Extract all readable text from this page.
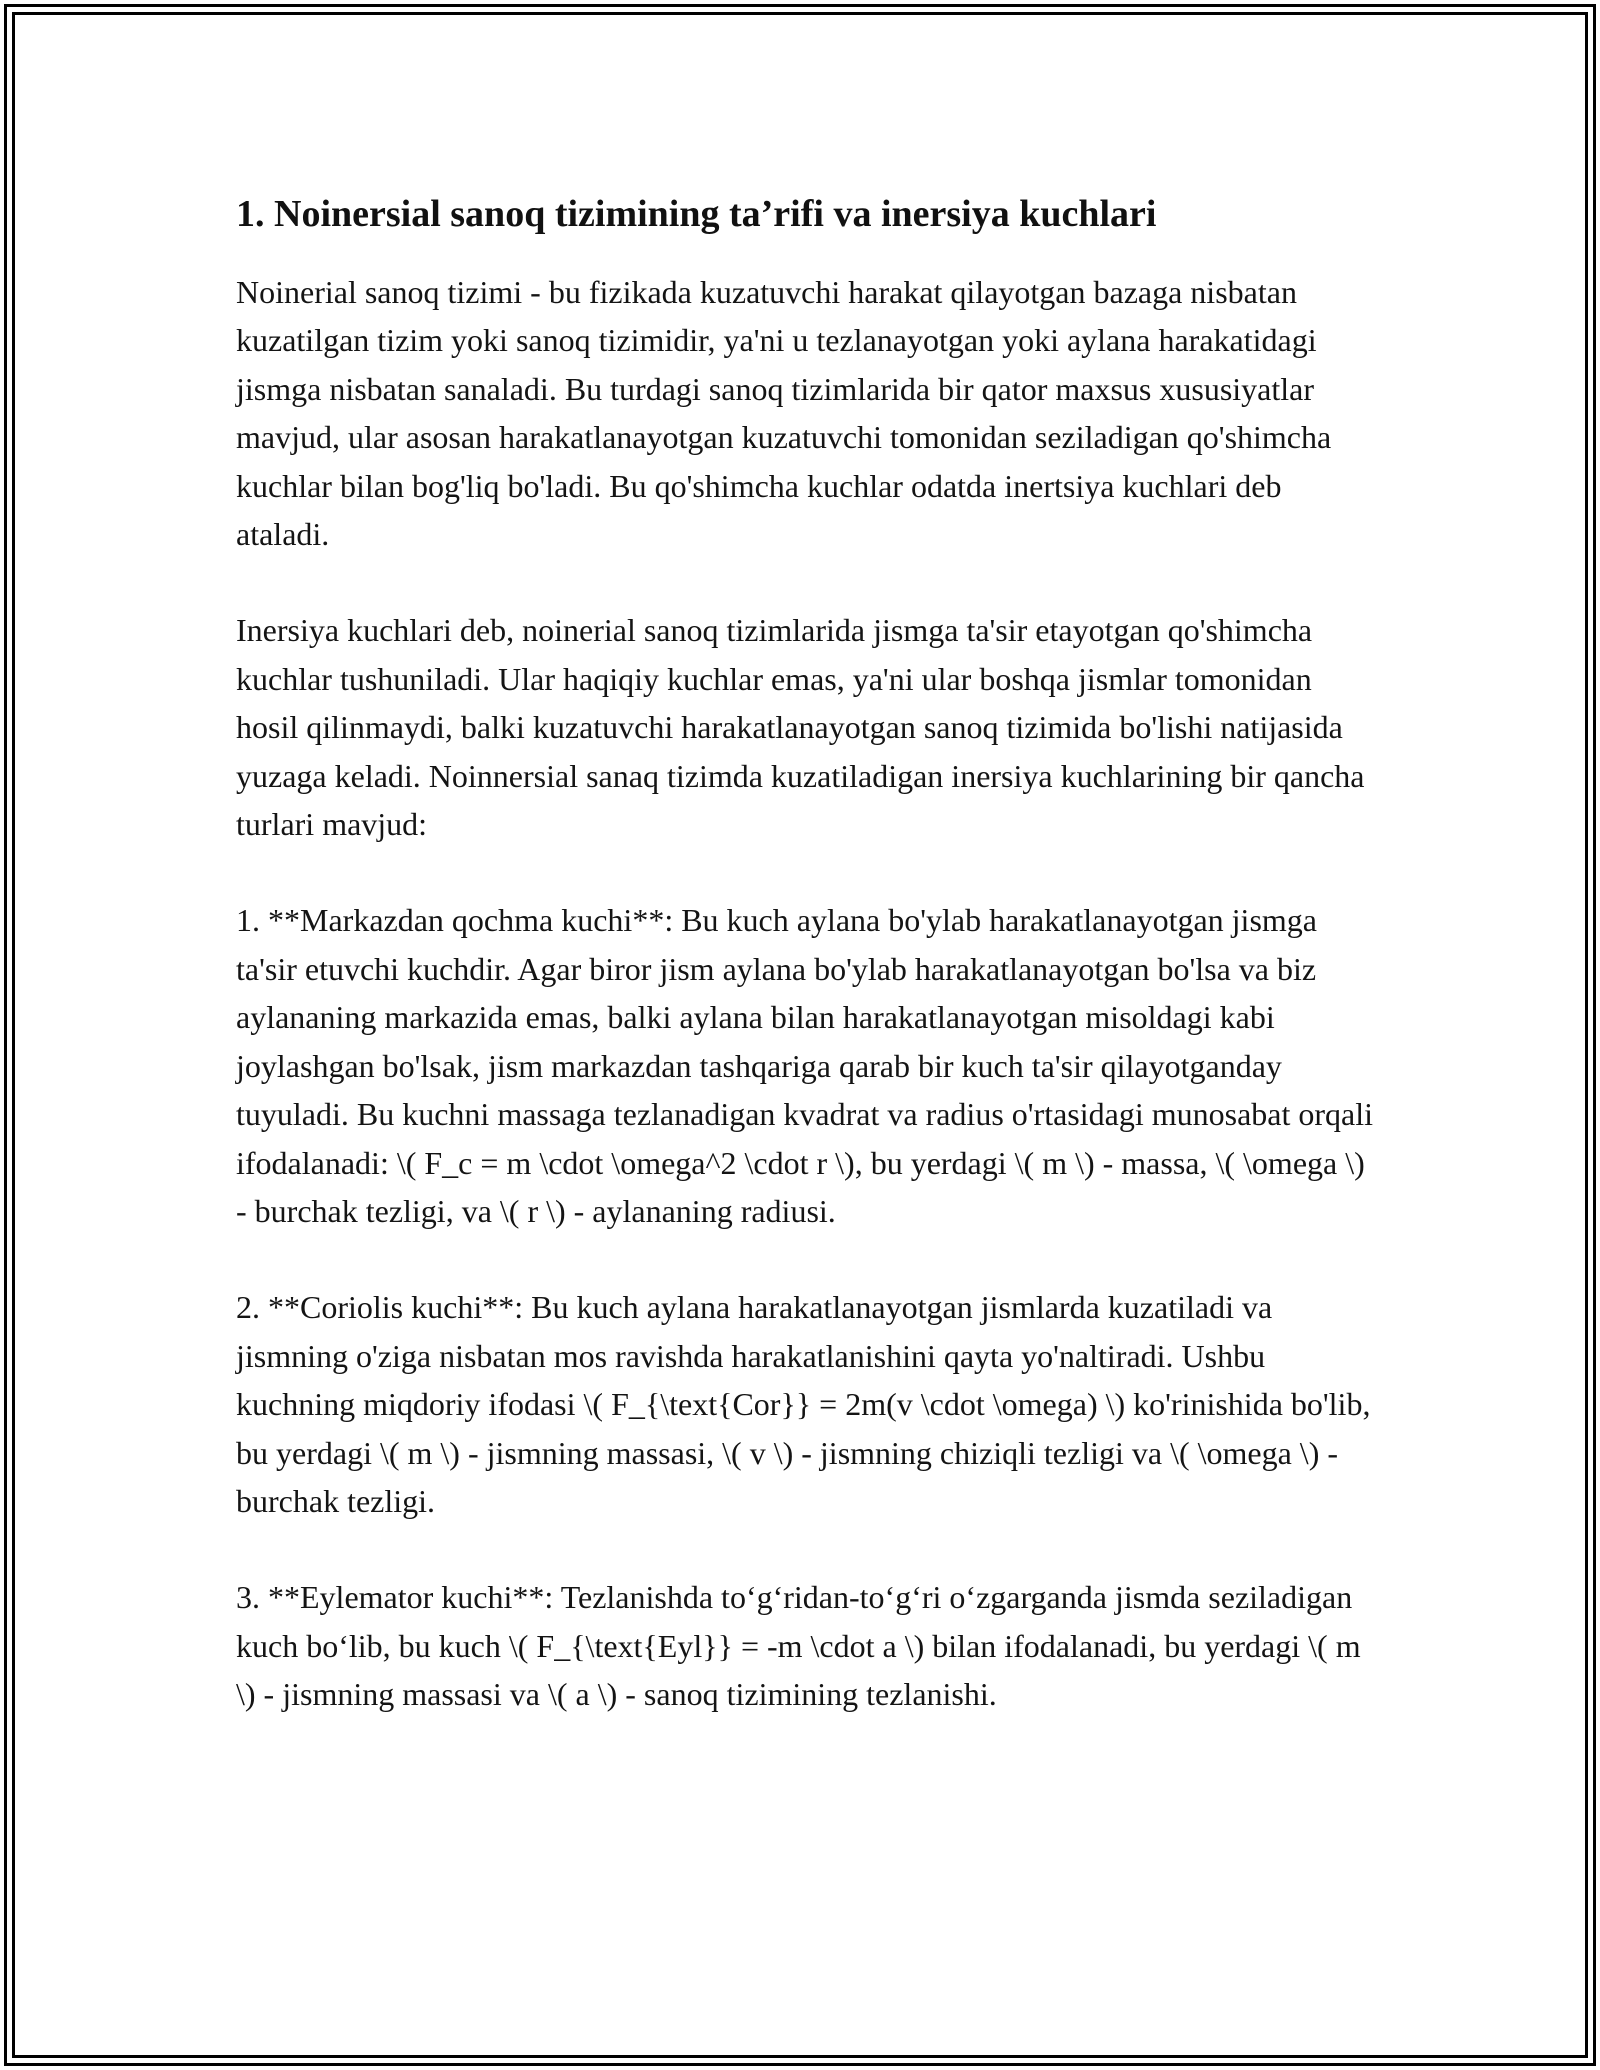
1. Noinersial sanoq tizimining ta’rifi va inersiya kuchlari

Noinerial sanoq tizimi - bu fizikada kuzatuvchi harakat qilayotgan bazaga nisbatan kuzatilgan tizim yoki sanoq tizimidir, ya'ni u tezlanayotgan yoki aylana harakatidagi jismga nisbatan sanaladi. Bu turdagi sanoq tizimlarida bir qator maxsus xususiyatlar mavjud, ular asosan harakatlanayotgan kuzatuvchi tomonidan seziladigan qo'shimcha kuchlar bilan bog'liq bo'ladi. Bu qo'shimcha kuchlar odatda inertsiya kuchlari deb ataladi.

Inersiya kuchlari deb, noinerial sanoq tizimlarida jismga ta'sir etayotgan qo'shimcha kuchlar tushuniladi. Ular haqiqiy kuchlar emas, ya'ni ular boshqa jismlar tomonidan hosil qilinmaydi, balki kuzatuvchi harakatlanayotgan sanoq tizimida bo'lishi natijasida yuzaga keladi. Noinnersial sanaq tizimda kuzatiladigan inersiya kuchlarining bir qancha turlari mavjud:

1. **Markazdan qochma kuchi**: Bu kuch aylana bo'ylab harakatlanayotgan jismga ta'sir etuvchi kuchdir. Agar biror jism aylana bo'ylab harakatlanayotgan bo'lsa va biz aylananing markazida emas, balki aylana bilan harakatlanayotgan misoldagi kabi joylashgan bo'lsak, jism markazdan tashqariga qarab bir kuch ta'sir qilayotganday tuyuladi. Bu kuchni massaga tezlanadigan kvadrat va radius o'rtasidagi munosabat orqali ifodalanadi: \( F_c = m \cdot \omega^2 \cdot r \), bu yerdagi \( m \) - massa, \( \omega \) - burchak tezligi, va \( r \) - aylananing radiusi.

2. **Coriolis kuchi**: Bu kuch aylana harakatlanayotgan jismlarda kuzatiladi va jismning o'ziga nisbatan mos ravishda harakatlanishini qayta yo'naltiradi. Ushbu kuchning miqdoriy ifodasi \( F_{\text{Cor}} = 2m(v \cdot \omega) \) ko'rinishida bo'lib, bu yerdagi \( m \) - jismning massasi, \( v \) - jismning chiziqli tezligi va \( \omega \) - burchak tezligi.

3. **Eylemator kuchi**: Tezlanishda to‘g‘ridan-to‘g‘ri o‘zgarganda jismda seziladigan kuch bo‘lib, bu kuch \( F_{\text{Eyl}} = -m \cdot a \) bilan ifodalanadi, bu yerdagi \( m \) - jismning massasi va \( a \) - sanoq tizimining tezlanishi.
